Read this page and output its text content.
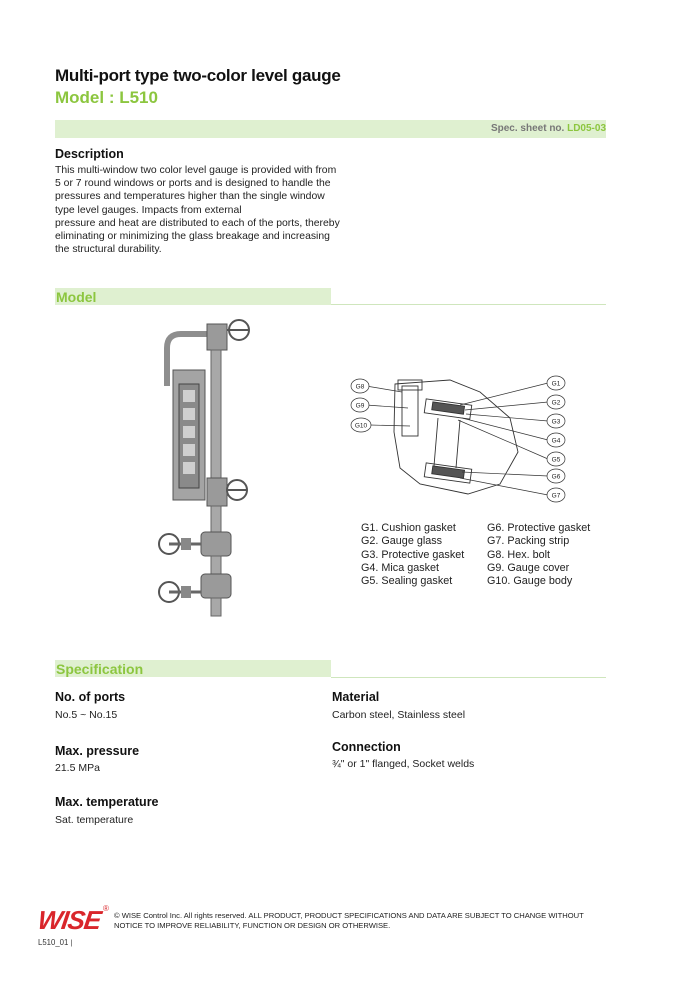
Multi-port type two-color level gauge
Model : L510
Spec. sheet no. LD05-03
Description
This multi-window two color level gauge is provided with from
5 or 7 round windows or ports and is designed to handle the
pressures and temperatures higher than the single window
type level gauges. Impacts from external
pressure and heat are distributed to each of the ports, thereby
eliminating or minimizing the glass breakage and increasing
the structural durability.
Model
G8
G9
G10
G1
G2
G3
G4
G5
G6
G7
G1. Cushion gasket
G2. Gauge glass
G3. Protective gasket
G4. Mica gasket
G5. Sealing gasket
G6. Protective gasket
G7. Packing strip
G8. Hex. bolt
G9. Gauge cover
G10. Gauge body
Specification
No. of ports
No.5 ~ No.15
Max. pressure
21.5 MPa
Max. temperature
Sat. temperature
Material
Carbon steel, Stainless steel
Connection
¾" or 1" flanged, Socket welds
WISE ®
© WISE Control Inc. All rights reserved. ALL PRODUCT, PRODUCT SPECIFICATIONS AND DATA ARE SUBJECT TO CHANGE WITHOUT
NOTICE TO IMPROVE RELIABILITY, FUNCTION OR DESIGN OR OTHERWISE.
L510_01 |
